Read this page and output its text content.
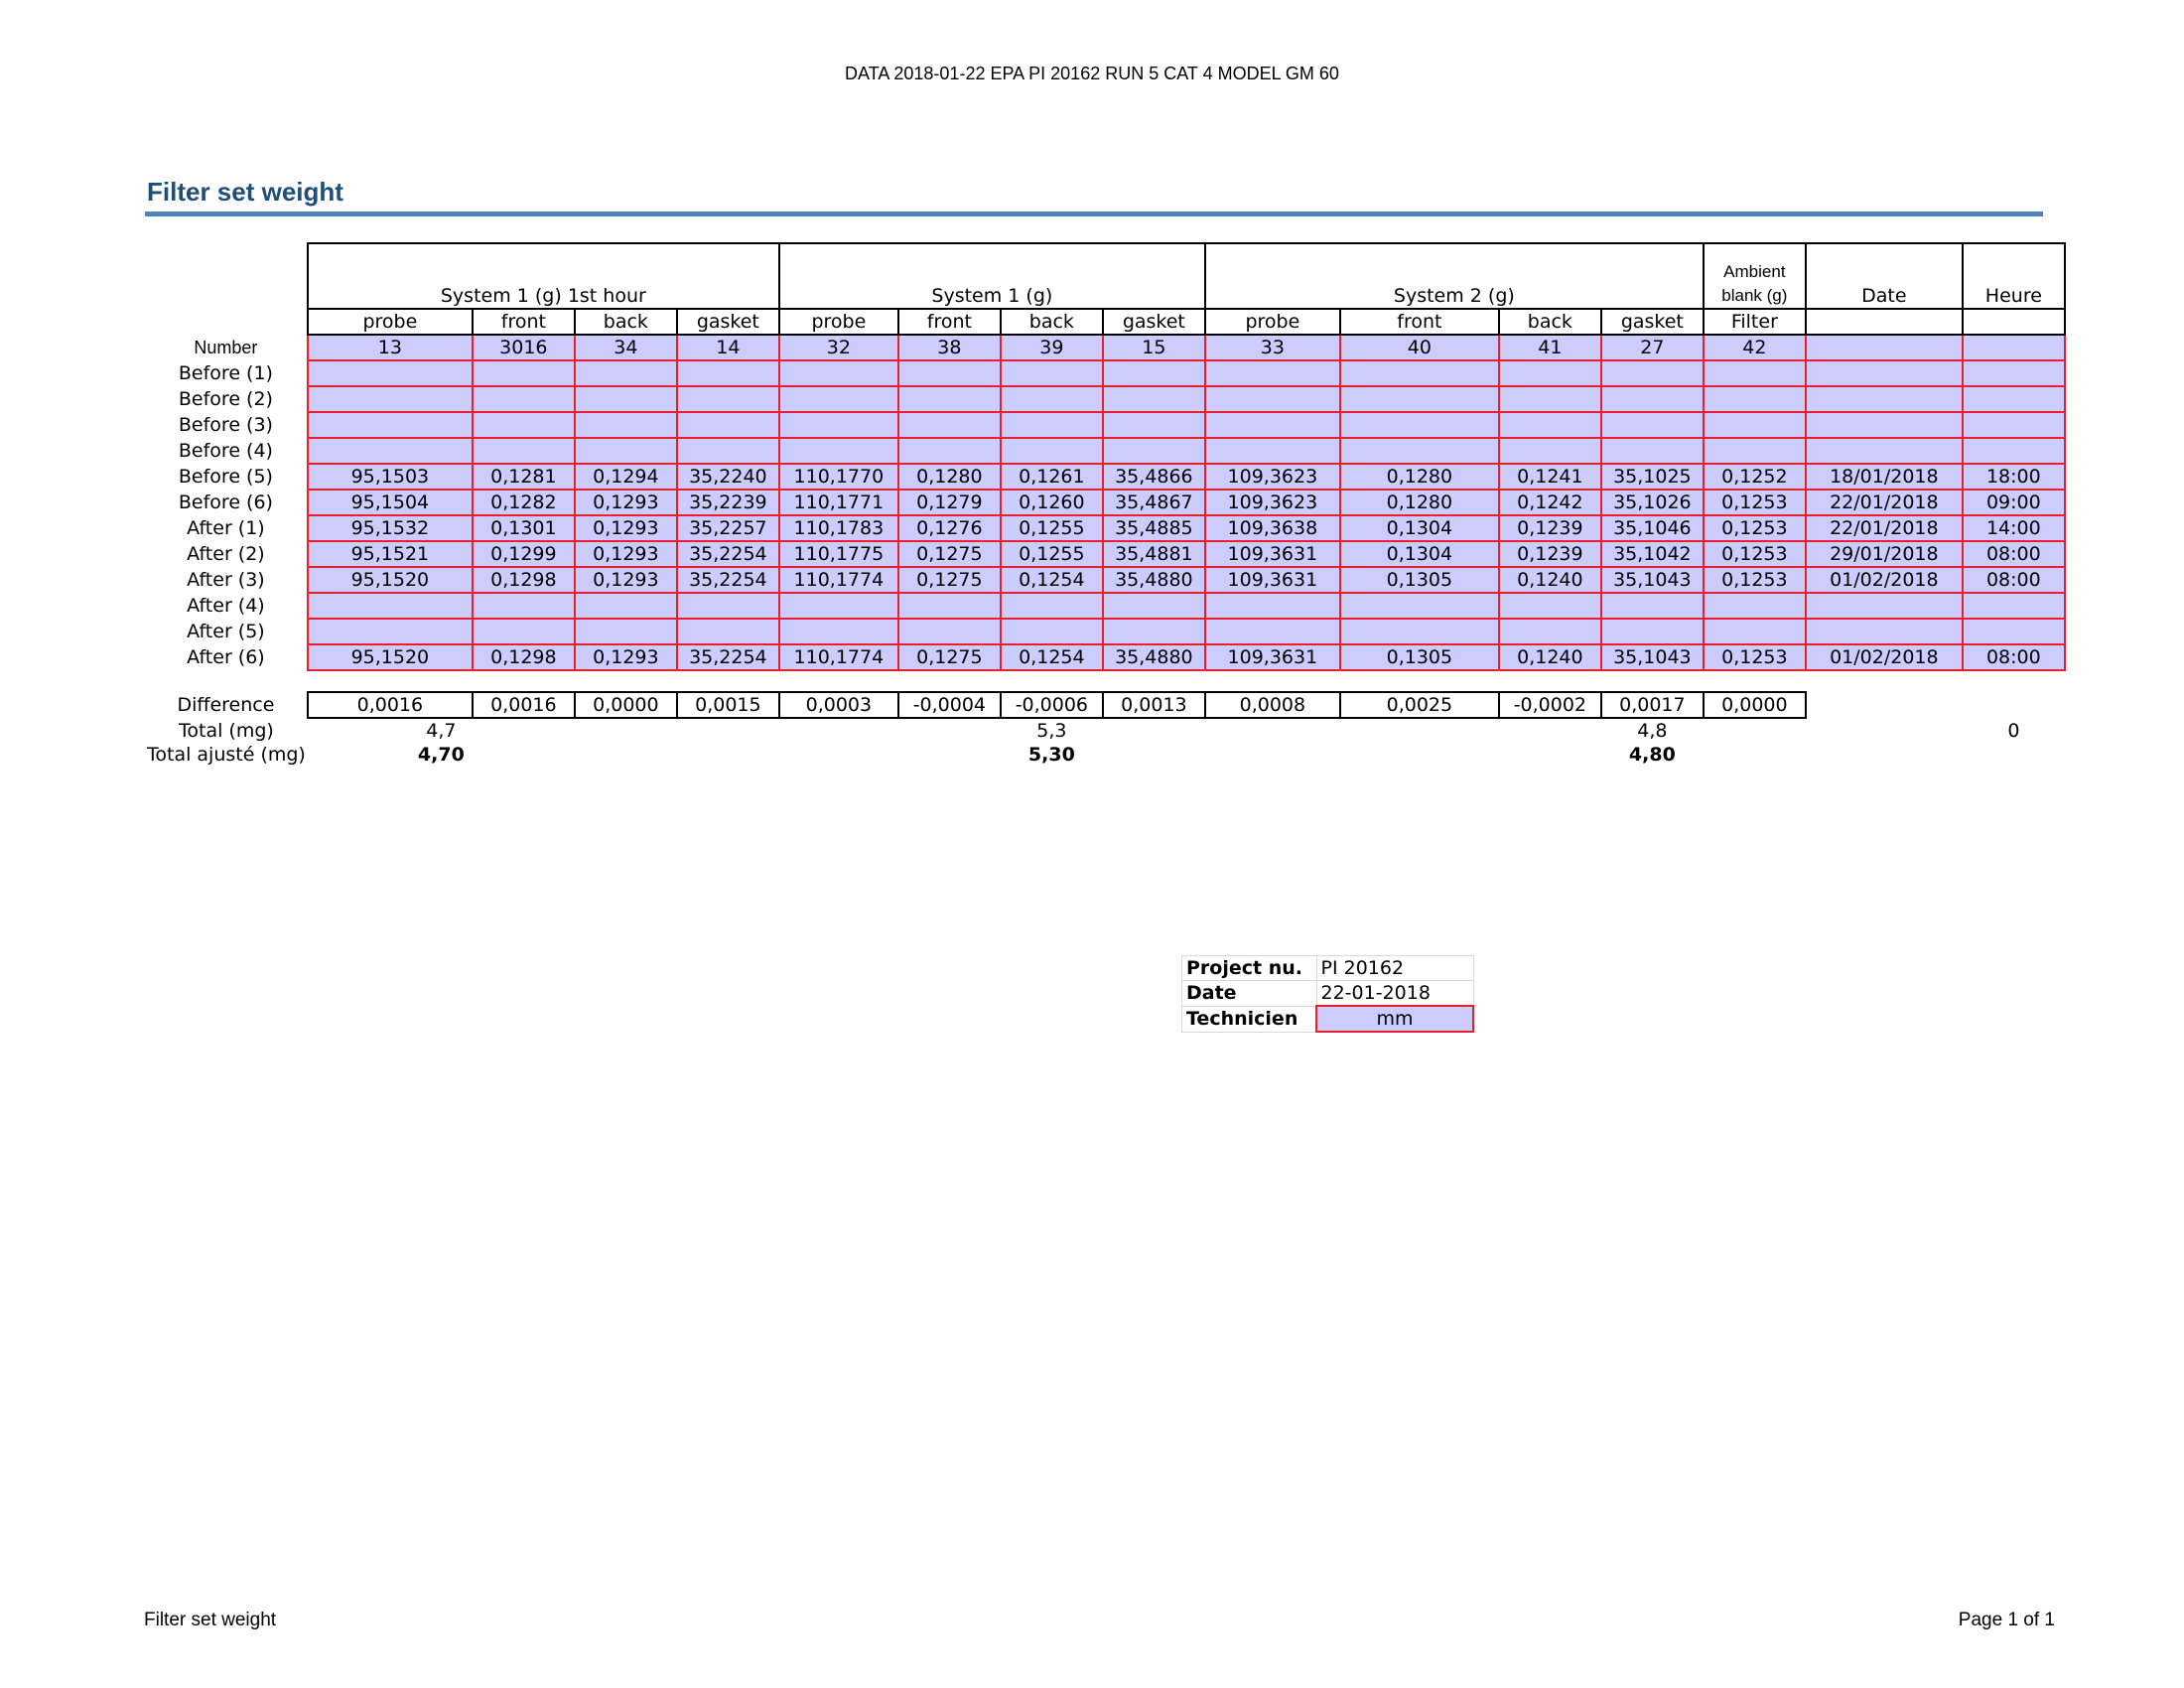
DATA 2018-01-22 EPA PI 20162 RUN 5 CAT 4 MODEL GM 60
Filter set weight
	System 1 (g) 1st hour				System 1 (g)				System 2 (g)				Ambient
blank (g)	Date	Heure
	probe	front	back	gasket	probe	front	back	gasket	probe	front	back	gasket	Filter		
Number	13	3016	34	14	32	38	39	15	33	40	41	27	42		
Before (1)															
Before (2)															
Before (3)															
Before (4)															
Before (5)	95,1503	0,1281	0,1294	35,2240	110,1770	0,1280	0,1261	35,4866	109,3623	0,1280	0,1241	35,1025	0,1252	18/01/2018	18:00
Before (6)	95,1504	0,1282	0,1293	35,2239	110,1771	0,1279	0,1260	35,4867	109,3623	0,1280	0,1242	35,1026	0,1253	22/01/2018	09:00
After (1)	95,1532	0,1301	0,1293	35,2257	110,1783	0,1276	0,1255	35,4885	109,3638	0,1304	0,1239	35,1046	0,1253	22/01/2018	14:00
After (2)	95,1521	0,1299	0,1293	35,2254	110,1775	0,1275	0,1255	35,4881	109,3631	0,1304	0,1239	35,1042	0,1253	29/01/2018	08:00
After (3)	95,1520	0,1298	0,1293	35,2254	110,1774	0,1275	0,1254	35,4880	109,3631	0,1305	0,1240	35,1043	0,1253	01/02/2018	08:00
After (4)															
After (5)															
After (6)	95,1520	0,1298	0,1293	35,2254	110,1774	0,1275	0,1254	35,4880	109,3631	0,1305	0,1240	35,1043	0,1253	01/02/2018	08:00

Difference	0,0016	0,0016	0,0000	0,0015	0,0003	-0,0004	-0,0006	0,0013	0,0008	0,0025	-0,0002	0,0017	0,0000		
Total (mg)	4,7						5,3					4,8			0
Total ajusté (mg)	4,70						5,30					4,80			
Project nu.	PI 20162
Date	22-01-2018
Technicien	mm
Filter set weight	Page 1 of 1
